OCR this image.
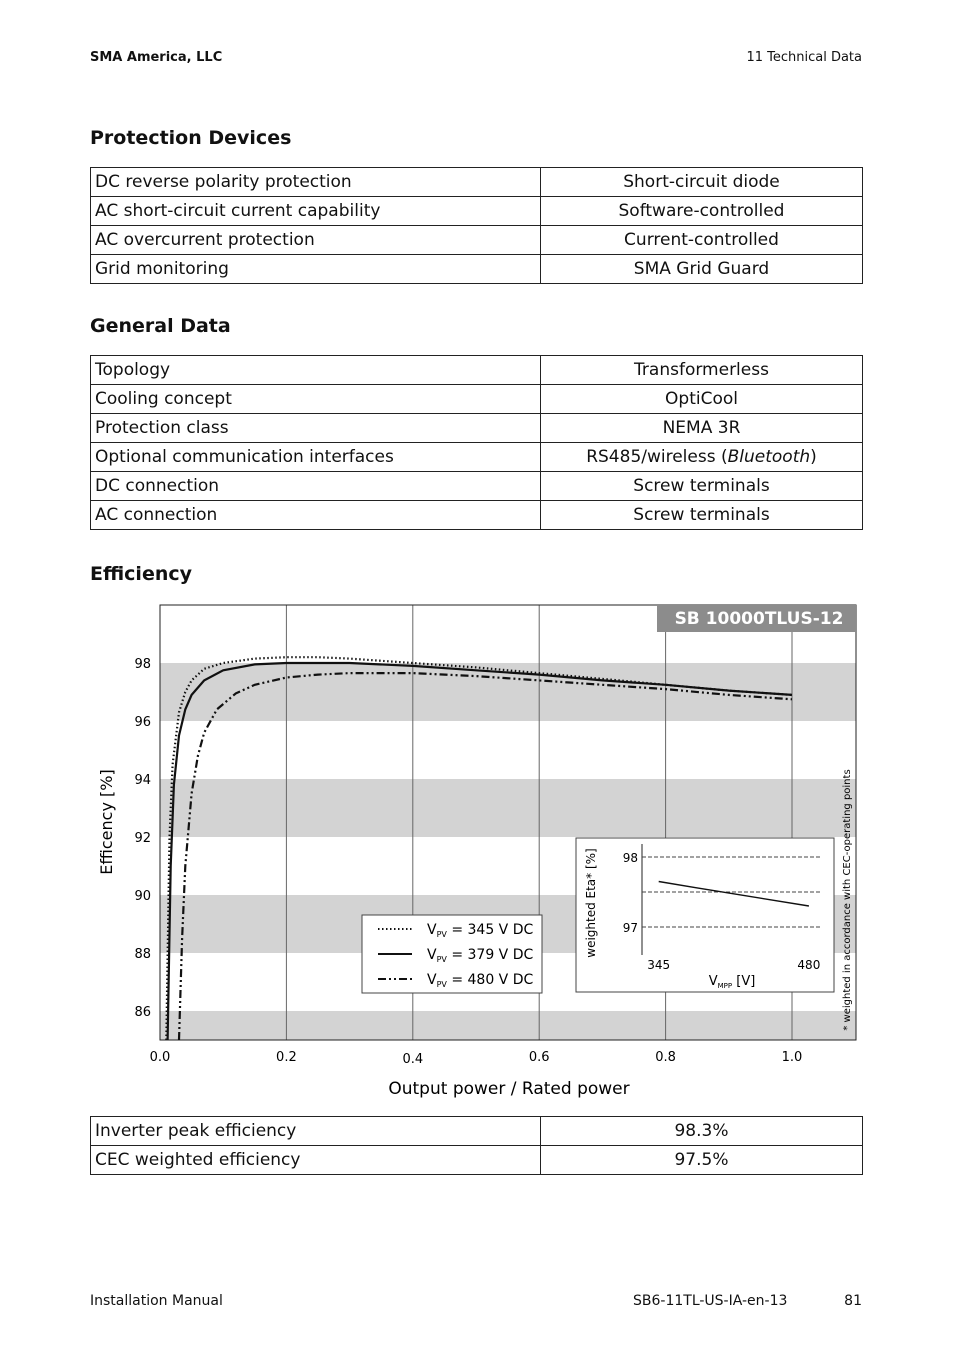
SMA America, LLC	11 Technical Data
Protection Devices
DC reverse polarity protection	Short-circuit diode
AC short-circuit current capability	Software-controlled
AC overcurrent protection	Current-controlled
Grid monitoring	SMA Grid Guard
General Data
Topology	Transformerless
Cooling concept	OptiCool
Protection class	NEMA 3R
Optional communication interfaces	RS485/wireless (Bluetooth)
DC connection	Screw terminals
AC connection	Screw terminals
Efficiency
SB 10000TLUS-12
86
88
90
92
94
96
98
0.0	0.2	0.4	0.6	0.8	1.0
Efficency [%]
Output power / Rated power
$V_{PV} = 345$ V DC
$V_{PV} = 379$ V DC
$V_{PV} = 480$ V DC
98
97
345	480
weighted Eta* [%]
$V_{MPP}$ [V]	* weighted in accordance with CEC-operating points
Inverter peak efficiency	98.3%
CEC weighted efficiency	97.5%
Installation Manual	SB6-11TL-US-IA-en-13	81
